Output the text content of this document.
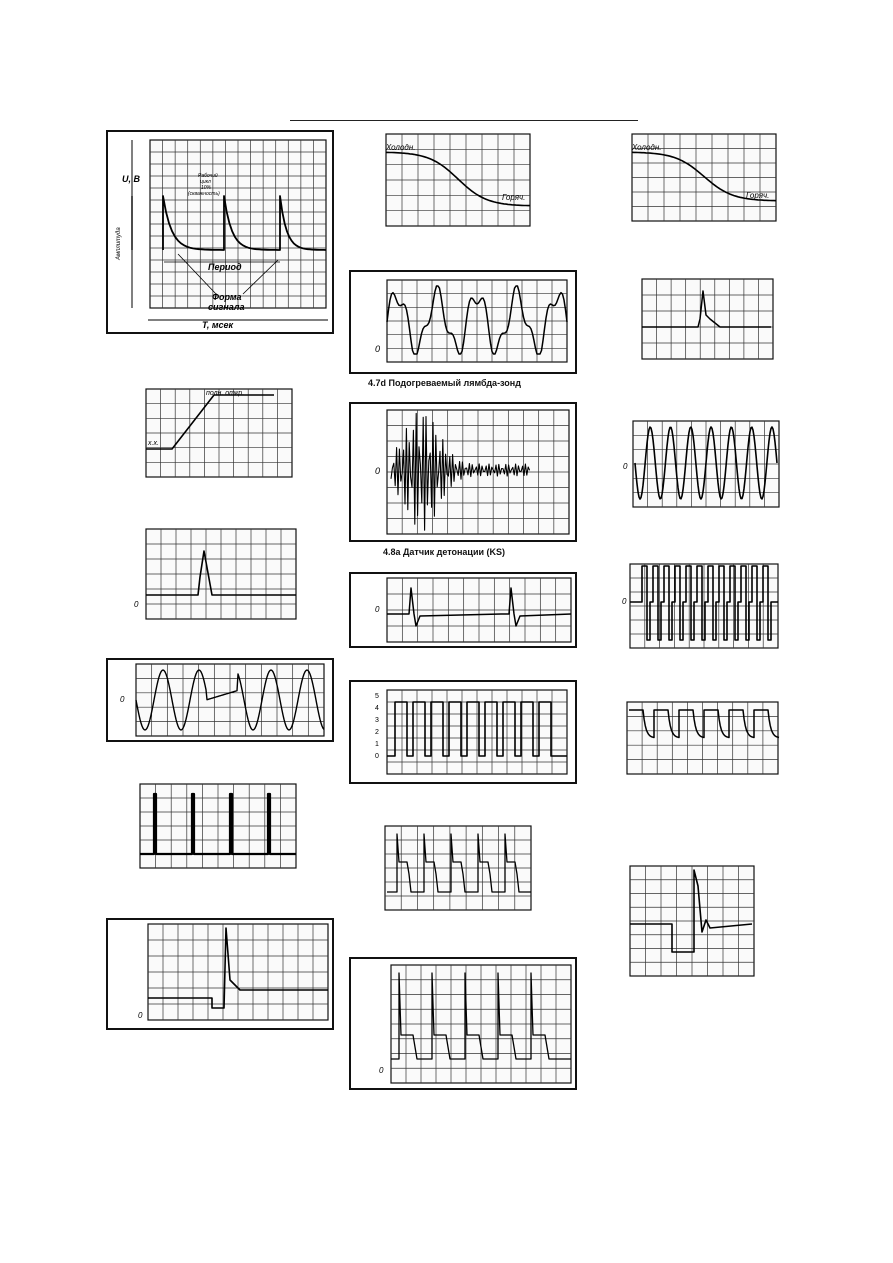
U, В
Амплитуда
Рабочий
цикл
10%
(скважность)
Период
Форма
сигнала
T, мсек
Холодн.
Горяч.
Холодн.
Горяч.
0
4.7d Подогреваемый лямбда-зонд
х.х.
полн. откр.
0
4.8a Датчик детонации (KS)
0
0
0
0
0	5
4
3
2
1
0
0
0
